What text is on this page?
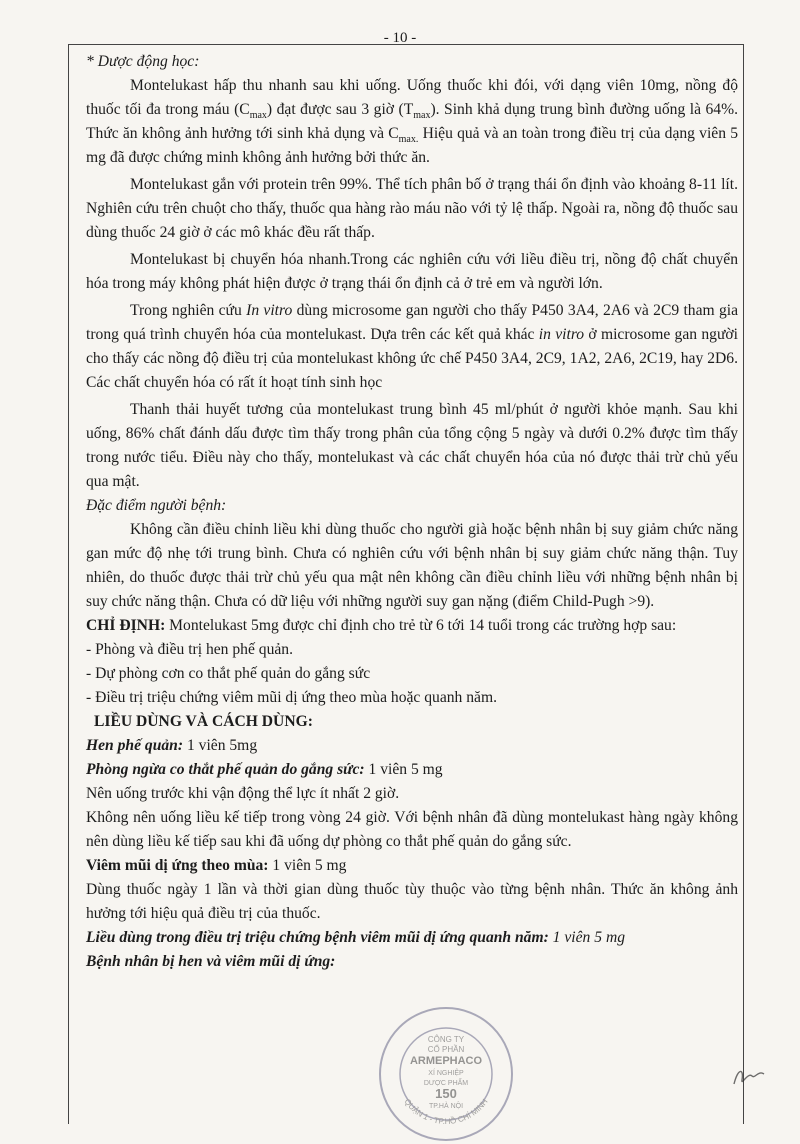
- 10 -

* Dược động học:

Montelukast hấp thu nhanh sau khi uống. Uống thuốc khi đói, với dạng viên 10mg, nồng độ thuốc tối đa trong máu $(C_{max})$ đạt được sau 3 giờ $(T_{max})$. Sinh khả dụng trung bình đường uống là 64%. Thức ăn không ảnh hưởng tới sinh khả dụng và $C_{max.}$ Hiệu quả và an toàn trong điều trị của dạng viên 5 mg đã được chứng minh không ảnh hưởng bởi thức ăn.

Montelukast gắn với protein trên 99%. Thể tích phân bố ở trạng thái ổn định vào khoảng 8-11 lít. Nghiên cứu trên chuột cho thấy, thuốc qua hàng rào máu não với tỷ lệ thấp. Ngoài ra, nồng độ thuốc sau dùng thuốc 24 giờ ở các mô khác đều rất thấp.

Montelukast bị chuyển hóa nhanh.Trong các nghiên cứu với liều điều trị, nồng độ chất chuyển hóa trong máy không phát hiện được ở trạng thái ổn định cả ở trẻ em và người lớn.

Trong nghiên cứu In vitro dùng microsome gan người cho thấy P450 3A4, 2A6 và 2C9 tham gia trong quá trình chuyển hóa của montelukast. Dựa trên các kết quả khác in vitro ở microsome gan người cho thấy các nồng độ điều trị của montelukast không ức chế P450 3A4, 2C9, 1A2, 2A6, 2C19, hay 2D6. Các chất chuyển hóa có rất ít hoạt tính sinh học

Thanh thải huyết tương của montelukast trung bình 45 ml/phút ở người khỏe mạnh. Sau khi uống, 86% chất đánh dấu được tìm thấy trong phân của tổng cộng 5 ngày và dưới 0.2% được tìm thấy trong nước tiểu. Điều này cho thấy, montelukast và các chất chuyển hóa của nó được thải trừ chủ yếu qua mật.

Đặc điểm người bệnh:

Không cần điều chỉnh liều khi dùng thuốc cho người già hoặc bệnh nhân bị suy giảm chức năng gan mức độ nhẹ tới trung bình. Chưa có nghiên cứu với bệnh nhân bị suy giảm chức năng thận. Tuy nhiên, do thuốc được thải trừ chủ yếu qua mật nên không cần điều chỉnh liều với những bệnh nhân bị suy chức năng thận. Chưa có dữ liệu với những người suy gan nặng (điểm Child-Pugh >9).

CHỈ ĐỊNH: Montelukast 5mg được chỉ định cho trẻ từ 6 tới 14 tuổi trong các trường hợp sau:

- Phòng và điều trị hen phế quản.

- Dự phòng cơn co thắt phế quản do gắng sức

- Điều trị triệu chứng viêm mũi dị ứng theo mùa hoặc quanh năm.

LIỀU DÙNG VÀ CÁCH DÙNG:

Hen phế quản: 1 viên 5mg

Phòng ngừa co thắt phế quản do gắng sức: 1 viên 5 mg

Nên uống trước khi vận động thể lực ít nhất 2 giờ.

Không nên uống liều kế tiếp trong vòng 24 giờ. Với bệnh nhân đã dùng montelukast hàng ngày không nên dùng liều kế tiếp sau khi đã uống dự phòng co thắt phế quản do gắng sức.

Viêm mũi dị ứng theo mùa: 1 viên 5 mg

Dùng thuốc ngày 1 lần và thời gian dùng thuốc tùy thuộc vào từng bệnh nhân. Thức ăn không ảnh hưởng tới hiệu quả điều trị của thuốc.

Liều dùng trong điều trị triệu chứng bệnh viêm mũi dị ứng quanh năm: 1 viên 5 mg

Bệnh nhân bị hen và viêm mũi dị ứng:

CÔNG TY
CỔ PHẦN
ARMEPHACO
XÍ NGHIỆP
DƯỢC PHẨM
150
TP.HÀ NỘI
QUẬN 1 - TP.HỒ CHÍ MINH
